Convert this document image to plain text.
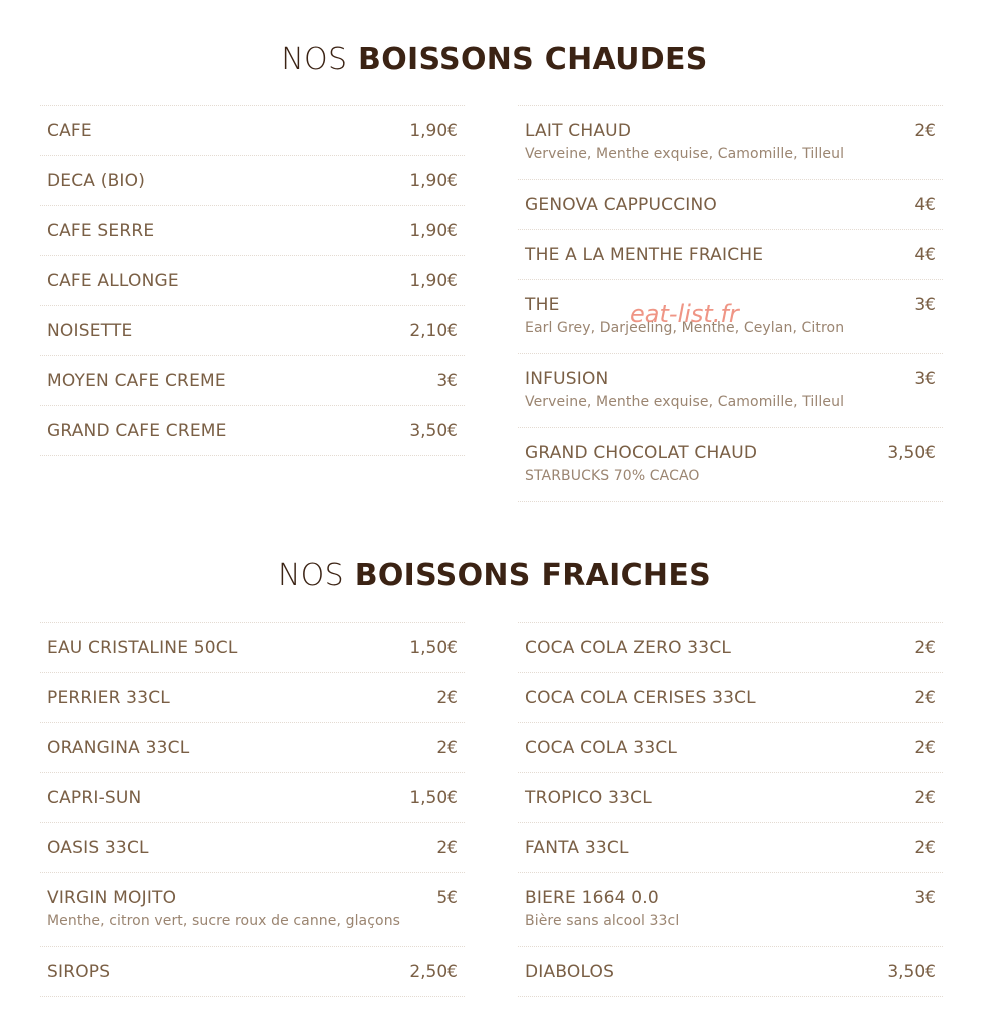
NOS BOISSONS CHAUDES
CAFE	1,90€
DECA (BIO)	1,90€
CAFE SERRE	1,90€
CAFE ALLONGE	1,90€
NOISETTE	2,10€
MOYEN CAFE CREME	3€
GRAND CAFE CREME	3,50€
LAIT CHAUD	2€
Verveine, Menthe exquise, Camomille, Tilleul
GENOVA CAPPUCCINO	4€
THE A LA MENTHE FRAICHE	4€
THE	3€
Earl Grey, Darjeeling, Menthe, Ceylan, Citron
INFUSION	3€
Verveine, Menthe exquise, Camomille, Tilleul
GRAND CHOCOLAT CHAUD	3,50€
STARBUCKS 70% CACAO
NOS BOISSONS FRAICHES
EAU CRISTALINE 50CL	1,50€
PERRIER 33CL	2€
ORANGINA 33CL	2€
CAPRI-SUN	1,50€
OASIS 33CL	2€
VIRGIN MOJITO	5€
Menthe, citron vert, sucre roux de canne, glaçons
SIROPS	2,50€
COCA COLA ZERO 33CL	2€
COCA COLA CERISES 33CL	2€
COCA COLA 33CL	2€
TROPICO 33CL	2€
FANTA 33CL	2€
BIERE 1664 0.0	3€
Bière sans alcool 33cl
DIABOLOS	3,50€
eat-list.fr
